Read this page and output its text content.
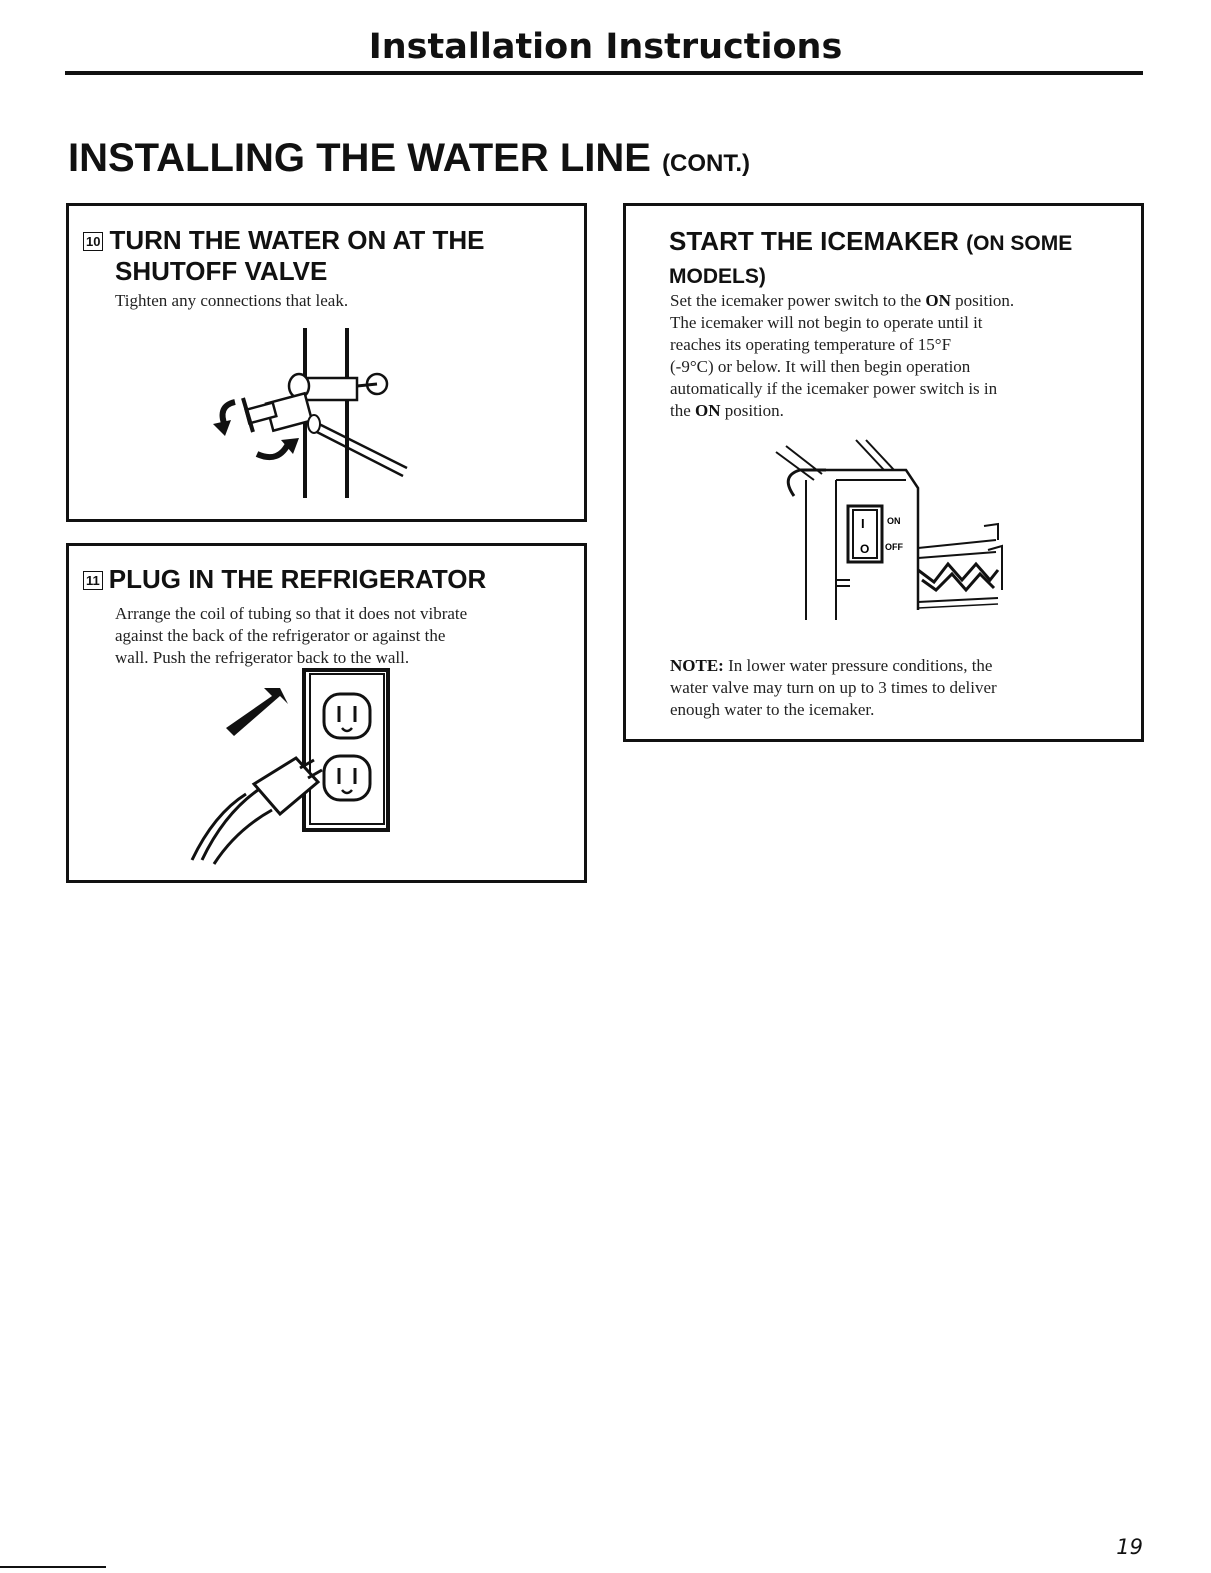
Installation Instructions
INSTALLING THE WATER LINE (CONT.)
10 TURN THE WATER ON AT THE
SHUTOFF VALVE

Tighten any connections that leak.

11 PLUG IN THE REFRIGERATOR

Arrange the coil of tubing so that it does not vibrate

against the back of the refrigerator or against the

wall. Push the refrigerator back to the wall.

START THE ICEMAKER (ON SOME
MODELS)

Set the icemaker power switch to the ON position.

The icemaker will not begin to operate until it

reaches its operating temperature of 15°F

(-9°C) or below. It will then begin operation

automatically if the icemaker power switch is in

the ON position.

I
O
ON
OFF

NOTE: In lower water pressure conditions, the

water valve may turn on up to 3 times to deliver

enough water to the icemaker.

19
